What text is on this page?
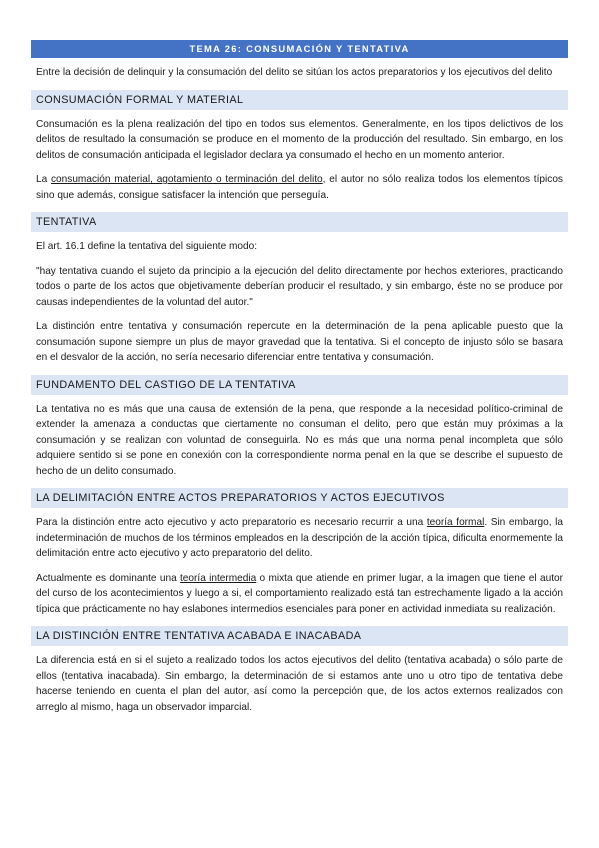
TEMA 26: CONSUMACIÓN Y TENTATIVA

Entre la decisión de delinquir y la consumación del delito se sitúan los actos preparatorios y los ejecutivos del delito

CONSUMACIÓN FORMAL Y MATERIAL

Consumación es la plena realización del tipo en todos sus elementos. Generalmente, en los tipos delictivos de los delitos de resultado la consumación se produce en el momento de la producción del resultado. Sin embargo, en los delitos de consumación anticipada el legislador declara ya consumado el hecho en un momento anterior.

La consumación material, agotamiento o terminación del delito, el autor no sólo realiza todos los elementos típicos sino que además, consigue satisfacer la intención que perseguía.

TENTATIVA

El art. 16.1 define la tentativa del siguiente modo:

"hay tentativa cuando el sujeto da principio a la ejecución del delito directamente por hechos exteriores, practicando todos o parte de los actos que objetivamente deberían producir el resultado, y sin embargo, éste no se produce por causas independientes de la voluntad del autor."

La distinción entre tentativa y consumación repercute en la determinación de la pena aplicable puesto que la consumación supone siempre un plus de mayor gravedad que la tentativa. Si el concepto de injusto sólo se basara en el desvalor de la acción, no sería necesario diferenciar entre tentativa y consumación.

FUNDAMENTO DEL CASTIGO DE LA TENTATIVA

La tentativa no es más que una causa de extensión de la pena, que responde a la necesidad político-criminal de extender la amenaza a conductas que ciertamente no consuman el delito, pero que están muy próximas a la consumación y se realizan con voluntad de conseguirla. No es más que una norma penal incompleta que sólo adquiere sentido si se pone en conexión con la correspondiente norma penal en la que se describe el supuesto de hecho de un delito consumado.

LA DELIMITACIÓN ENTRE ACTOS PREPARATORIOS Y ACTOS EJECUTIVOS

Para la distinción entre acto ejecutivo y acto preparatorio es necesario recurrir a una teoría formal. Sin embargo, la indeterminación de muchos de los términos empleados en la descripción de la acción típica, dificulta enormemente la delimitación entre acto ejecutivo y acto preparatorio del delito.

Actualmente es dominante una teoría intermedia o mixta que atiende en primer lugar, a la imagen que tiene el autor del curso de los acontecimientos y luego a si, el comportamiento realizado está tan estrechamente ligado a la acción típica que prácticamente no hay eslabones intermedios esenciales para poner en actividad inmediata su realización.

LA DISTINCIÓN ENTRE TENTATIVA ACABADA E INACABADA

La diferencia está en si el sujeto a realizado todos los actos ejecutivos del delito (tentativa acabada) o sólo parte de ellos (tentativa inacabada). Sin embargo, la determinación de si estamos ante uno u otro tipo de tentativa debe hacerse teniendo en cuenta el plan del autor, así como la percepción que, de los actos externos realizados con arreglo al mismo, haga un observador imparcial.
